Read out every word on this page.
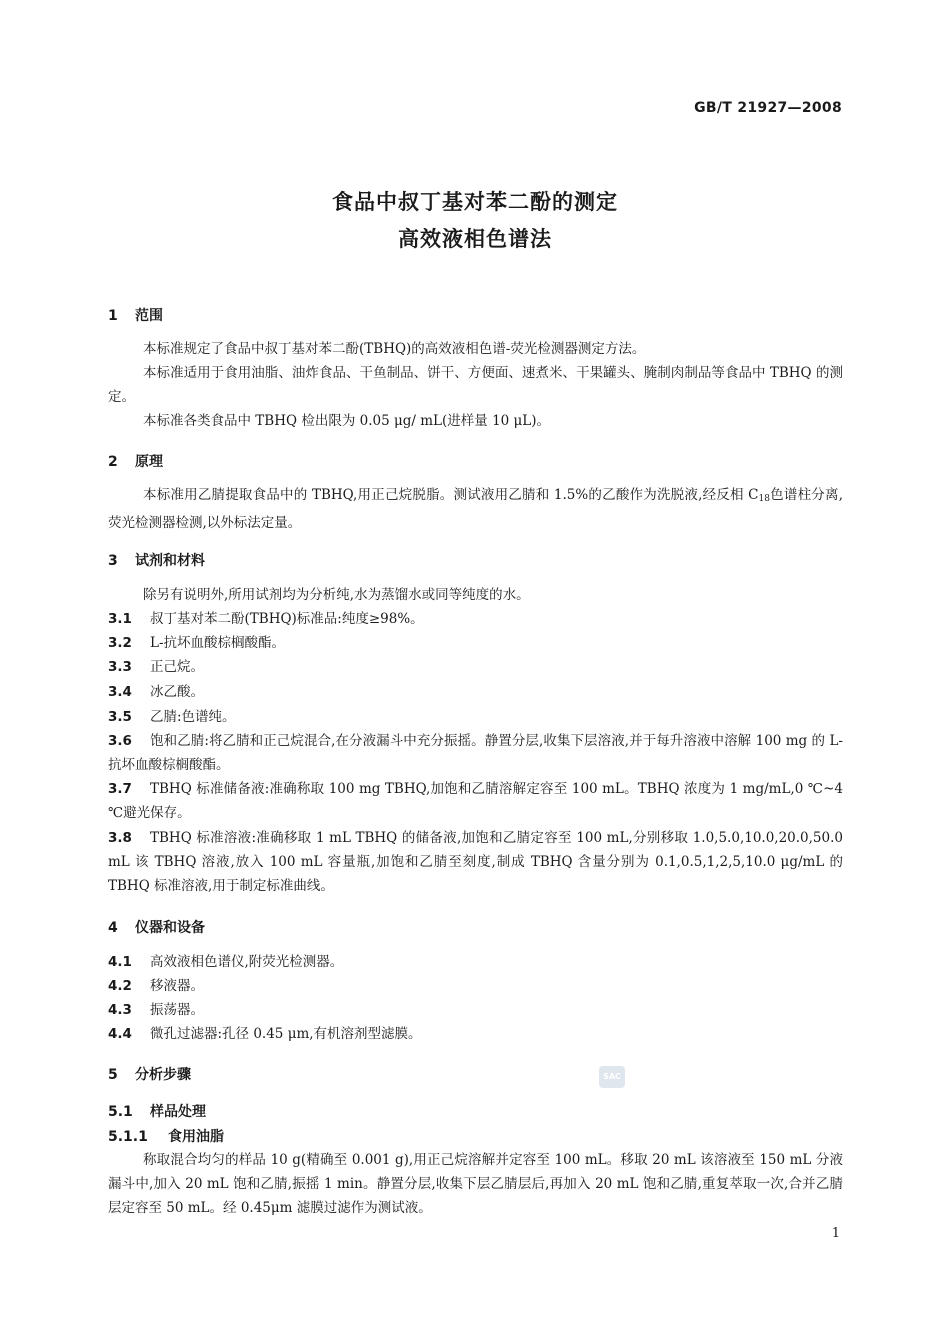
GB/T 21927—2008
食品中叔丁基对苯二酚的测定
高效液相色谱法
1 范围
本标准规定了食品中叔丁基对苯二酚(TBHQ)的高效液相色谱-荧光检测器测定方法。
本标准适用于食用油脂、油炸食品、干鱼制品、饼干、方便面、速煮米、干果罐头、腌制肉制品等食品中 TBHQ 的测定。
本标准各类食品中 TBHQ 检出限为 0.05 μg/ mL(进样量 10 μL)。
2 原理
本标准用乙腈提取食品中的 TBHQ,用正己烷脱脂。测试液用乙腈和 1.5%的乙酸作为洗脱液,经反相 $C_{18}$色谱柱分离,荧光检测器检测,以外标法定量。
3 试剂和材料
除另有说明外,所用试剂均为分析纯,水为蒸馏水或同等纯度的水。
3.1 叔丁基对苯二酚(TBHQ)标准品:纯度≥98%。
3.2 L-抗坏血酸棕榈酸酯。
3.3 正己烷。
3.4 冰乙酸。
3.5 乙腈:色谱纯。
3.6 饱和乙腈:将乙腈和正己烷混合,在分液漏斗中充分振摇。静置分层,收集下层溶液,并于每升溶液中溶解 100 mg 的 L-抗坏血酸棕榈酸酯。
3.7 TBHQ 标准储备液:准确称取 100 mg TBHQ,加饱和乙腈溶解定容至 100 mL。TBHQ 浓度为 1 mg/mL,0 ℃~4 ℃避光保存。
3.8 TBHQ 标准溶液:准确移取 1 mL TBHQ 的储备液,加饱和乙腈定容至 100 mL,分别移取 1.0,5.0,10.0,20.0,50.0 mL 该 TBHQ 溶液,放入 100 mL 容量瓶,加饱和乙腈至刻度,制成 TBHQ 含量分别为 0.1,0.5,1,2,5,10.0 μg/mL 的 TBHQ 标准溶液,用于制定标准曲线。
4 仪器和设备
4.1 高效液相色谱仪,附荧光检测器。
4.2 移液器。
4.3 振荡器。
4.4 微孔过滤器:孔径 0.45 μm,有机溶剂型滤膜。
5 分析步骤	SAC
5.1 样品处理
5.1.1 食用油脂
称取混合均匀的样品 10 g(精确至 0.001 g),用正己烷溶解并定容至 100 mL。移取 20 mL 该溶液至 150 mL 分液漏斗中,加入 20 mL 饱和乙腈,振摇 1 min。静置分层,收集下层乙腈层后,再加入 20 mL 饱和乙腈,重复萃取一次,合并乙腈层定容至 50 mL。经 0.45μm 滤膜过滤作为测试液。
1
